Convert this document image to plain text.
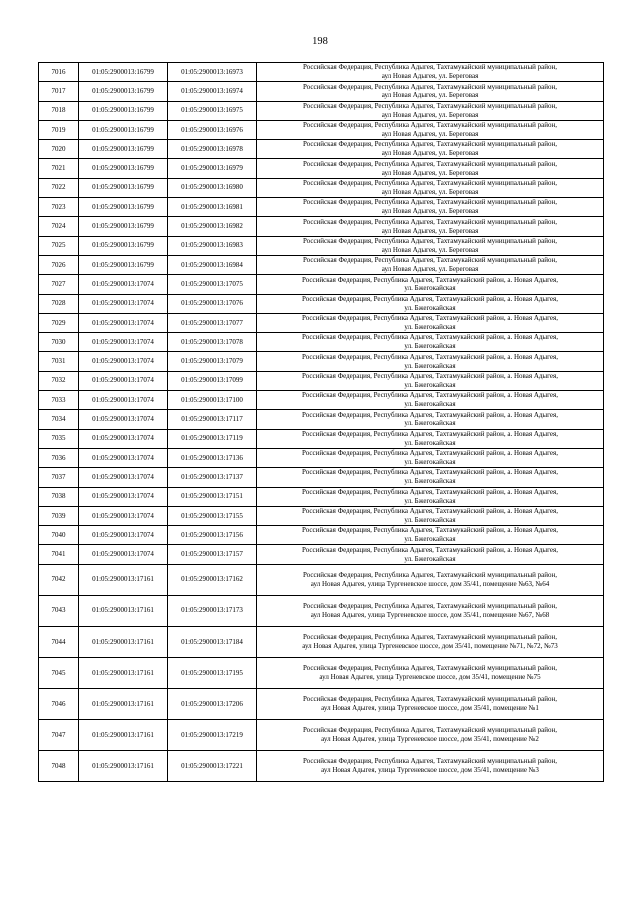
198
7016	01:05:2900013:16799	01:05:2900013:16973	Российская Федерация, Республика Адыгея, Тахтамукайский муниципальный район,
аул Новая Адыгея, ул. Береговая

7017	01:05:2900013:16799	01:05:2900013:16974	Российская Федерация, Республика Адыгея, Тахтамукайский муниципальный район,
аул Новая Адыгея, ул. Береговая

7018	01:05:2900013:16799	01:05:2900013:16975	Российская Федерация, Республика Адыгея, Тахтамукайский муниципальный район,
аул Новая Адыгея, ул. Береговая

7019	01:05:2900013:16799	01:05:2900013:16976	Российская Федерация, Республика Адыгея, Тахтамукайский муниципальный район,
аул Новая Адыгея, ул. Береговая

7020	01:05:2900013:16799	01:05:2900013:16978	Российская Федерация, Республика Адыгея, Тахтамукайский муниципальный район,
аул Новая Адыгея, ул. Береговая

7021	01:05:2900013:16799	01:05:2900013:16979	Российская Федерация, Республика Адыгея, Тахтамукайский муниципальный район,
аул Новая Адыгея, ул. Береговая

7022	01:05:2900013:16799	01:05:2900013:16980	Российская Федерация, Республика Адыгея, Тахтамукайский муниципальный район,
аул Новая Адыгея, ул. Береговая

7023	01:05:2900013:16799	01:05:2900013:16981	Российская Федерация, Республика Адыгея, Тахтамукайский муниципальный район,
аул Новая Адыгея, ул. Береговая

7024	01:05:2900013:16799	01:05:2900013:16982	Российская Федерация, Республика Адыгея, Тахтамукайский муниципальный район,
аул Новая Адыгея, ул. Береговая

7025	01:05:2900013:16799	01:05:2900013:16983	Российская Федерация, Республика Адыгея, Тахтамукайский муниципальный район,
аул Новая Адыгея, ул. Береговая

7026	01:05:2900013:16799	01:05:2900013:16984	Российская Федерация, Республика Адыгея, Тахтамукайский муниципальный район,
аул Новая Адыгея, ул. Береговая

7027	01:05:2900013:17074	01:05:2900013:17075	Российская Федерация, Республика Адыгея, Тахтамукайский район, а. Новая Адыгея,
ул. Бжегокайская

7028	01:05:2900013:17074	01:05:2900013:17076	Российская Федерация, Республика Адыгея, Тахтамукайский район, а. Новая Адыгея,
ул. Бжегокайская

7029	01:05:2900013:17074	01:05:2900013:17077	Российская Федерация, Республика Адыгея, Тахтамукайский район, а. Новая Адыгея,
ул. Бжегокайская

7030	01:05:2900013:17074	01:05:2900013:17078	Российская Федерация, Республика Адыгея, Тахтамукайский район, а. Новая Адыгея,
ул. Бжегокайская

7031	01:05:2900013:17074	01:05:2900013:17079	Российская Федерация, Республика Адыгея, Тахтамукайский район, а. Новая Адыгея,
ул. Бжегокайская

7032	01:05:2900013:17074	01:05:2900013:17099	Российская Федерация, Республика Адыгея, Тахтамукайский район, а. Новая Адыгея,
ул. Бжегокайская

7033	01:05:2900013:17074	01:05:2900013:17100	Российская Федерация, Республика Адыгея, Тахтамукайский район, а. Новая Адыгея,
ул. Бжегокайская

7034	01:05:2900013:17074	01:05:2900013:17117	Российская Федерация, Республика Адыгея, Тахтамукайский район, а. Новая Адыгея,
ул. Бжегокайская

7035	01:05:2900013:17074	01:05:2900013:17119	Российская Федерация, Республика Адыгея, Тахтамукайский район, а. Новая Адыгея,
ул. Бжегокайская

7036	01:05:2900013:17074	01:05:2900013:17136	Российская Федерация, Республика Адыгея, Тахтамукайский район, а. Новая Адыгея,
ул. Бжегокайская

7037	01:05:2900013:17074	01:05:2900013:17137	Российская Федерация, Республика Адыгея, Тахтамукайский район, а. Новая Адыгея,
ул. Бжегокайская

7038	01:05:2900013:17074	01:05:2900013:17151	Российская Федерация, Республика Адыгея, Тахтамукайский район, а. Новая Адыгея,
ул. Бжегокайская

7039	01:05:2900013:17074	01:05:2900013:17155	Российская Федерация, Республика Адыгея, Тахтамукайский район, а. Новая Адыгея,
ул. Бжегокайская

7040	01:05:2900013:17074	01:05:2900013:17156	Российская Федерация, Республика Адыгея, Тахтамукайский район, а. Новая Адыгея,
ул. Бжегокайская

7041	01:05:2900013:17074	01:05:2900013:17157	Российская Федерация, Республика Адыгея, Тахтамукайский район, а. Новая Адыгея,
ул. Бжегокайская

7042	01:05:2900013:17161	01:05:2900013:17162	Российская Федерация, Республика Адыгея, Тахтамукайский муниципальный район,
аул Новая Адыгея, улица Тургеневское шоссе, дом 35/41, помещение №63, №64

7043	01:05:2900013:17161	01:05:2900013:17173	Российская Федерация, Республика Адыгея, Тахтамукайский муниципальный район,
аул Новая Адыгея, улица Тургеневское шоссе, дом 35/41, помещение №67, №68

7044	01:05:2900013:17161	01:05:2900013:17184	Российская Федерация, Республика Адыгея, Тахтамукайский муниципальный район,
аул Новая Адыгея, улица Тургеневское шоссе, дом 35/41, помещение №71, №72, №73

7045	01:05:2900013:17161	01:05:2900013:17195	Российская Федерация, Республика Адыгея, Тахтамукайский муниципальный район,
аул Новая Адыгея, улица Тургеневское шоссе, дом 35/41, помещение №75

7046	01:05:2900013:17161	01:05:2900013:17206	Российская Федерация, Республика Адыгея, Тахтамукайский муниципальный район,
аул Новая Адыгея, улица Тургеневское шоссе, дом 35/41, помещение №1

7047	01:05:2900013:17161	01:05:2900013:17219	Российская Федерация, Республика Адыгея, Тахтамукайский муниципальный район,
аул Новая Адыгея, улица Тургеневское шоссе, дом 35/41, помещение №2

7048	01:05:2900013:17161	01:05:2900013:17221	Российская Федерация, Республика Адыгея, Тахтамукайский муниципальный район,
аул Новая Адыгея, улица Тургеневское шоссе, дом 35/41, помещение №3
